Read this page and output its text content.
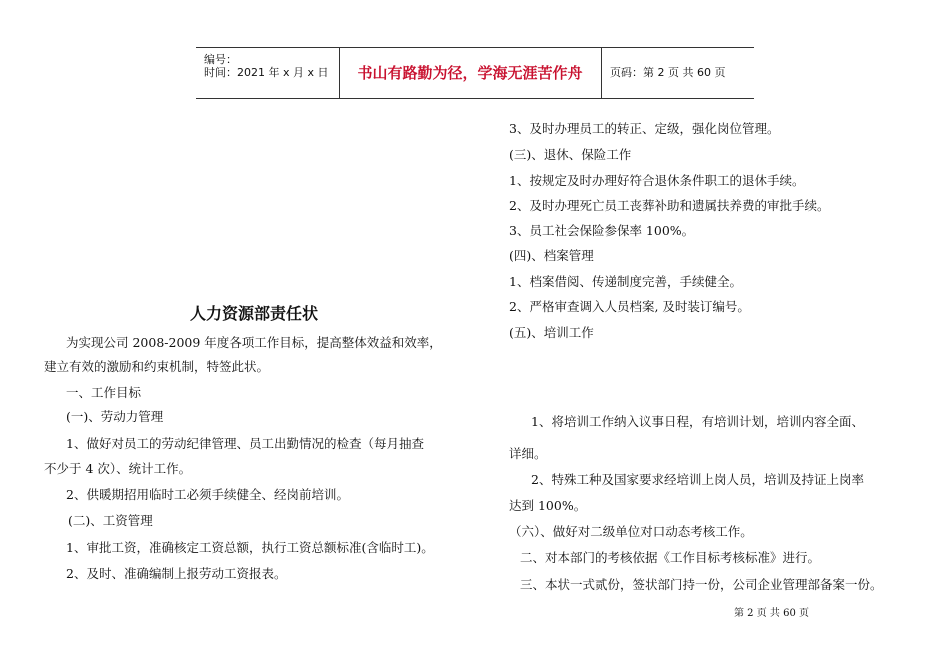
编号：
时间：2021 年 x 月 x 日	书山有路勤为径，学海无涯苦作舟	页码：第 2 页 共 60 页
人力资源部责任状
为实现公司 2008-2009 年度各项工作目标，提高整体效益和效率，
建立有效的激励和约束机制，特签此状。
一、工作目标
(一)、劳动力管理
1、做好对员工的劳动纪律管理、员工出勤情况的检查（每月抽查
不少于 4 次）、统计工作。
2、供暖期招用临时工必须手续健全、经岗前培训。
(二)、工资管理
1、审批工资，准确核定工资总额，执行工资总额标准(含临时工)。
2、及时、准确编制上报劳动工资报表。
3、及时办理员工的转正、定级，强化岗位管理。
(三)、退休、保险工作
1、按规定及时办理好符合退休条件职工的退休手续。
2、及时办理死亡员工丧葬补助和遗属扶养费的审批手续。
3、员工社会保险参保率 100%。
(四)、档案管理
1、档案借阅、传递制度完善，手续健全。
2、严格审查调入人员档案, 及时装订编号。
(五)、培训工作
1、将培训工作纳入议事日程，有培训计划，培训内容全面、
详细。
2、特殊工种及国家要求经培训上岗人员，培训及持证上岗率
达到 100%。
（六）、做好对二级单位对口动态考核工作。
二、对本部门的考核依据《工作目标考核标准》进行。
三、本状一式贰份，签状部门持一份，公司企业管理部备案一份。
第 2 页 共 60 页
